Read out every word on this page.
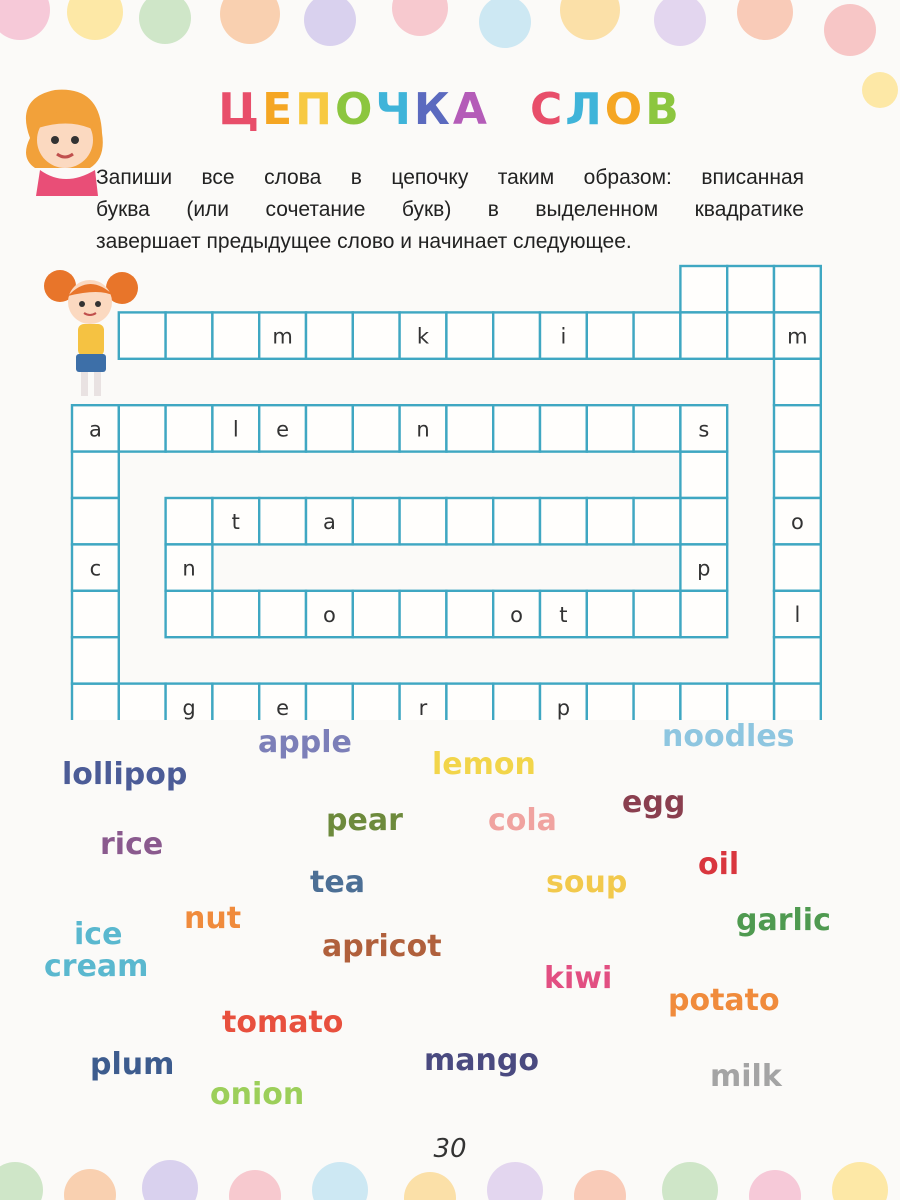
ЦЕПОЧКА СЛОВ

Запиши все слова в цепочку таким образом: вписанная

буква (или сочетание букв) в выделенном квадратике

завершает предыдущее слово и начинает следующее.

m	k	i	m
a	l e	n	s
t	a	o
c	n	p
o	o t	l
g	e	r	p
apple
lemon
noodles
lollipop
egg
pear	cola
rice
oil
tea	soup
ice
cream
nut	garlic
apricot
kiwi
potato
tomato
plum	mango	milk
onion
30
